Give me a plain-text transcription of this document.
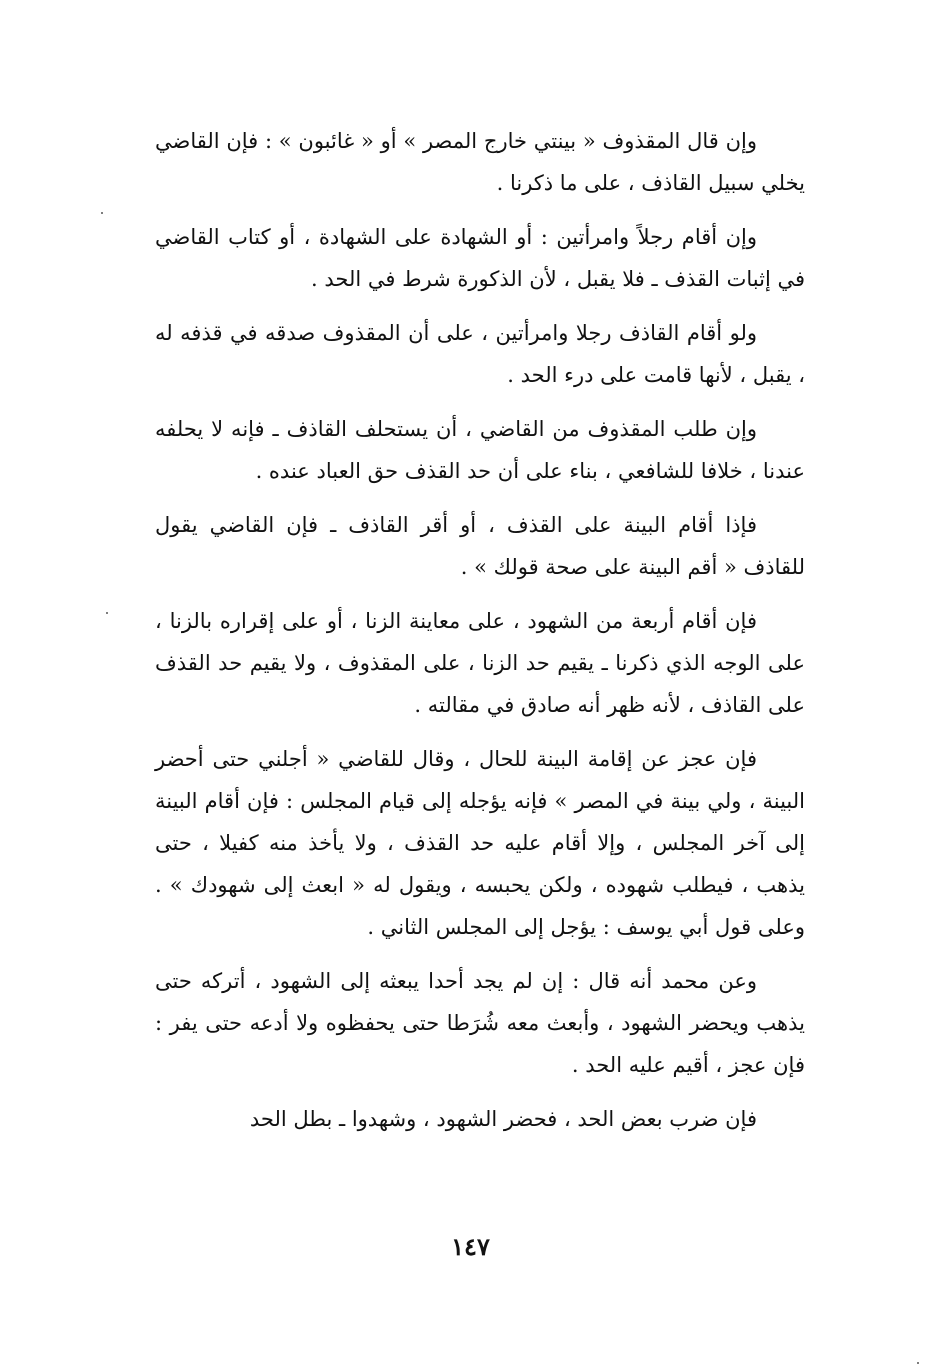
وإن قال المقذوف « بينتي خارج المصر » أو « غائبون » : فإن القاضي يخلي سبيل القاذف ، على ما ذكرنا .

وإن أقام رجلاً وامرأتين : أو الشهادة على الشهادة ، أو كتاب القاضي في إثبات القذف ـ فلا يقبل ، لأن الذكورة شرط في الحد .

ولو أقام القاذف رجلا وامرأتين ، على أن المقذوف صدقه في قذفه له ، يقبل ، لأنها قامت على درء الحد .

وإن طلب المقذوف من القاضي ، أن يستحلف القاذف ـ فإنه لا يحلفه عندنا ، خلافا للشافعي ، بناء على أن حد القذف حق العباد عنده .

فإذا أقام البينة على القذف ، أو أقر القاذف ـ فإن القاضي يقول للقاذف « أقم البينة على صحة قولك » .

فإن أقام أربعة من الشهود ، على معاينة الزنا ، أو على إقراره بالزنا ، على الوجه الذي ذكرنا ـ يقيم حد الزنا ، على المقذوف ، ولا يقيم حد القذف على القاذف ، لأنه ظهر أنه صادق في مقالته .

فإن عجز عن إقامة البينة للحال ، وقال للقاضي « أجلني حتى أحضر البينة ، ولي بينة في المصر » فإنه يؤجله إلى قيام المجلس : فإن أقام البينة إلى آخر المجلس ، وإلا أقام عليه حد القذف ، ولا يأخذ منه كفيلا ، حتى يذهب ، فيطلب شهوده ، ولكن يحبسه ، ويقول له « ابعث إلى شهودك » . وعلى قول أبي يوسف : يؤجل إلى المجلس الثاني .

وعن محمد أنه قال : إن لم يجد أحدا يبعثه إلى الشهود ، أتركه حتى يذهب ويحضر الشهود ، وأبعث معه شُرَطا حتى يحفظوه ولا أدعه حتى يفر : فإن عجز ، أقيم عليه الحد .

فإن ضرب بعض الحد ، فحضر الشهود ، وشهدوا ـ بطل الحد

١٤٧
